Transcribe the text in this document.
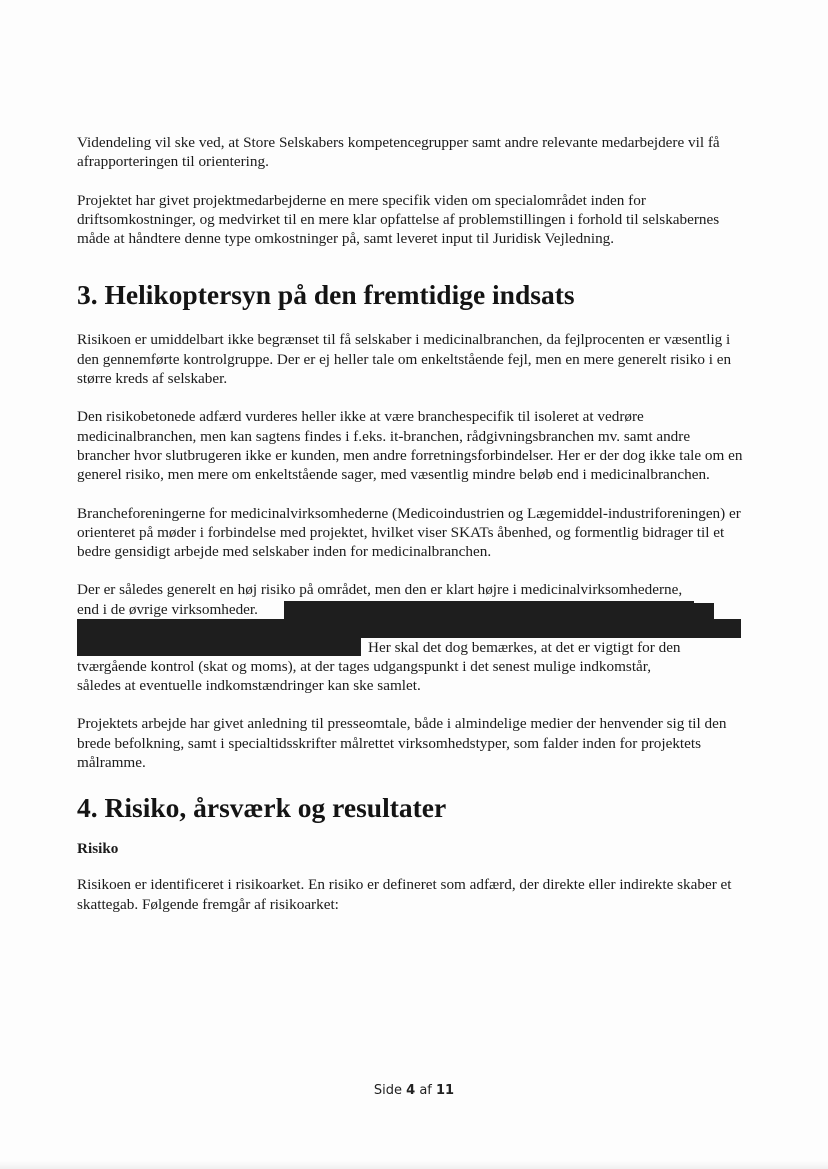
Videndeling vil ske ved, at Store Selskabers kompetencegrupper samt andre relevante medarbejdere vil få afrapporteringen til orientering.

Projektet har givet projektmedarbejderne en mere specifik viden om specialområdet inden for driftsomkostninger, og medvirket til en mere klar opfattelse af problemstillingen i forhold til selskabernes måde at håndtere denne type omkostninger på, samt leveret input til Juridisk Vejledning.

3. Helikoptersyn på den fremtidige indsats

Risikoen er umiddelbart ikke begrænset til få selskaber i medicinalbranchen, da fejlprocenten er væsentlig i den gennemførte kontrolgruppe. Der er ej heller tale om enkeltstående fejl, men en mere generelt risiko i en større kreds af selskaber.

Den risikobetonede adfærd vurderes heller ikke at være branchespecifik til isoleret at vedrøre medicinalbranchen, men kan sagtens findes i f.eks. it-branchen, rådgivningsbranchen mv. samt andre brancher hvor slutbrugeren ikke er kunden, men andre forretningsforbindelser. Her er der dog ikke tale om en generel risiko, men mere om enkeltstående sager, med væsentlig mindre beløb end i medicinalbranchen.

Brancheforeningerne for medicinalvirksomhederne (Medicoindustrien og Lægemiddel-industriforeningen) er orienteret på møder i forbindelse med projektet, hvilket viser SKATs åbenhed, og formentlig bidrager til et bedre gensidigt arbejde med selskaber inden for medicinalbranchen.

Der er således generelt en høj risiko på området, men den er klart højre i medicinalvirksomhederne,

end i de øvrige virksomheder.

Her skal det dog bemærkes, at det er vigtigt for den

tværgående kontrol (skat og moms), at der tages udgangspunkt i det senest mulige indkomstår,

således at eventuelle indkomstændringer kan ske samlet.

Projektets arbejde har givet anledning til presseomtale, både i almindelige medier der henvender sig til den brede befolkning, samt i specialtidsskrifter målrettet virksomhedstyper, som falder inden for projektets målramme.

4. Risiko, årsværk og resultater

Risiko

Risikoen er identificeret i risikoarket. En risiko er defineret som adfærd, der direkte eller indirekte skaber et skattegab. Følgende fremgår af risikoarket:

Side 4 af 11
